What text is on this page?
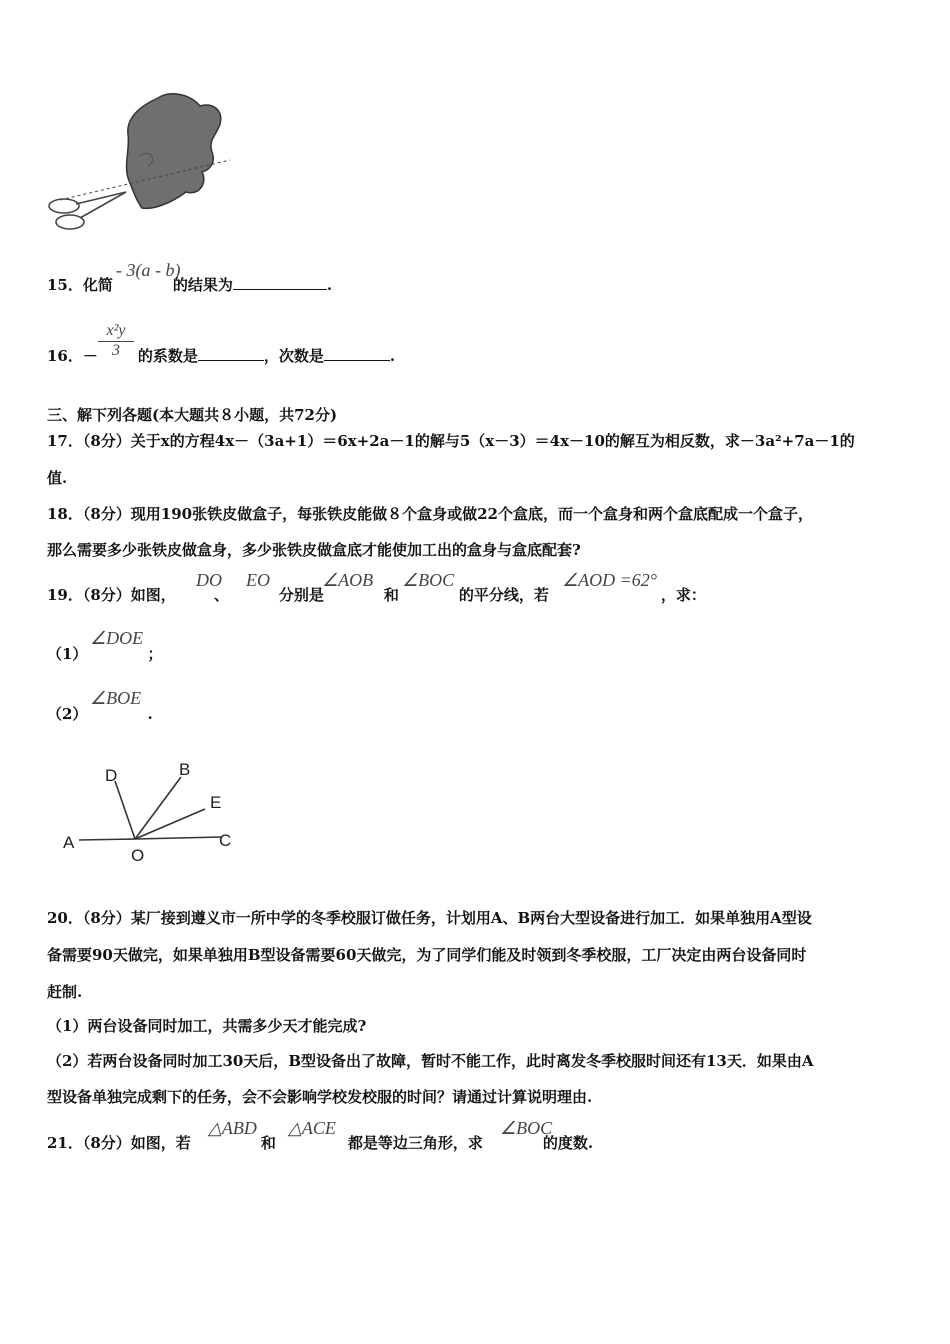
15．化简	的结果为	.
- 3(a - b)
16．－	的系数是	，次数是	.
$\frac{\text{x²y}}{3}$
三、解下列各题(本大题共８小题，共72分)
17．（8分）关于x的方程4x－（3a+1）＝6x+2a－1的解与5（x－3）＝4x－10的解互为相反数，求－3a²+7a－1的
值.
18．（8分）现用190张铁皮做盒子，每张铁皮能做８个盒身或做22个盒底，而一个盒身和两个盒底配成一个盒子，
那么需要多少张铁皮做盒身，多少张铁皮做盒底才能使加工出的盒身与盒底配套?
19．（8分）如图，	、	分别是	和	的平分线，若	，求：
DO EO	∠AOB ∠BOC	∠AOD =62°
（1）	；
∠DOE
（2）	.
∠BOE
D	B
E
A
O
C
20．（8分）某厂接到遵义市一所中学的冬季校服订做任务，计划用A、B两台大型设备进行加工．如果单独用A型设
备需要90天做完，如果单独用B型设备需要60天做完，为了同学们能及时领到冬季校服，工厂决定由两台设备同时
赶制.
（1）两台设备同时加工，共需多少天才能完成?
（2）若两台设备同时加工30天后，B型设备出了故障，暂时不能工作，此时离发冬季校服时间还有13天．如果由A
型设备单独完成剩下的任务，会不会影响学校发校服的时间？请通过计算说明理由.
21．（8分）如图，若	和	都是等边三角形，求	的度数.
△ABD △ACE	∠BOC
